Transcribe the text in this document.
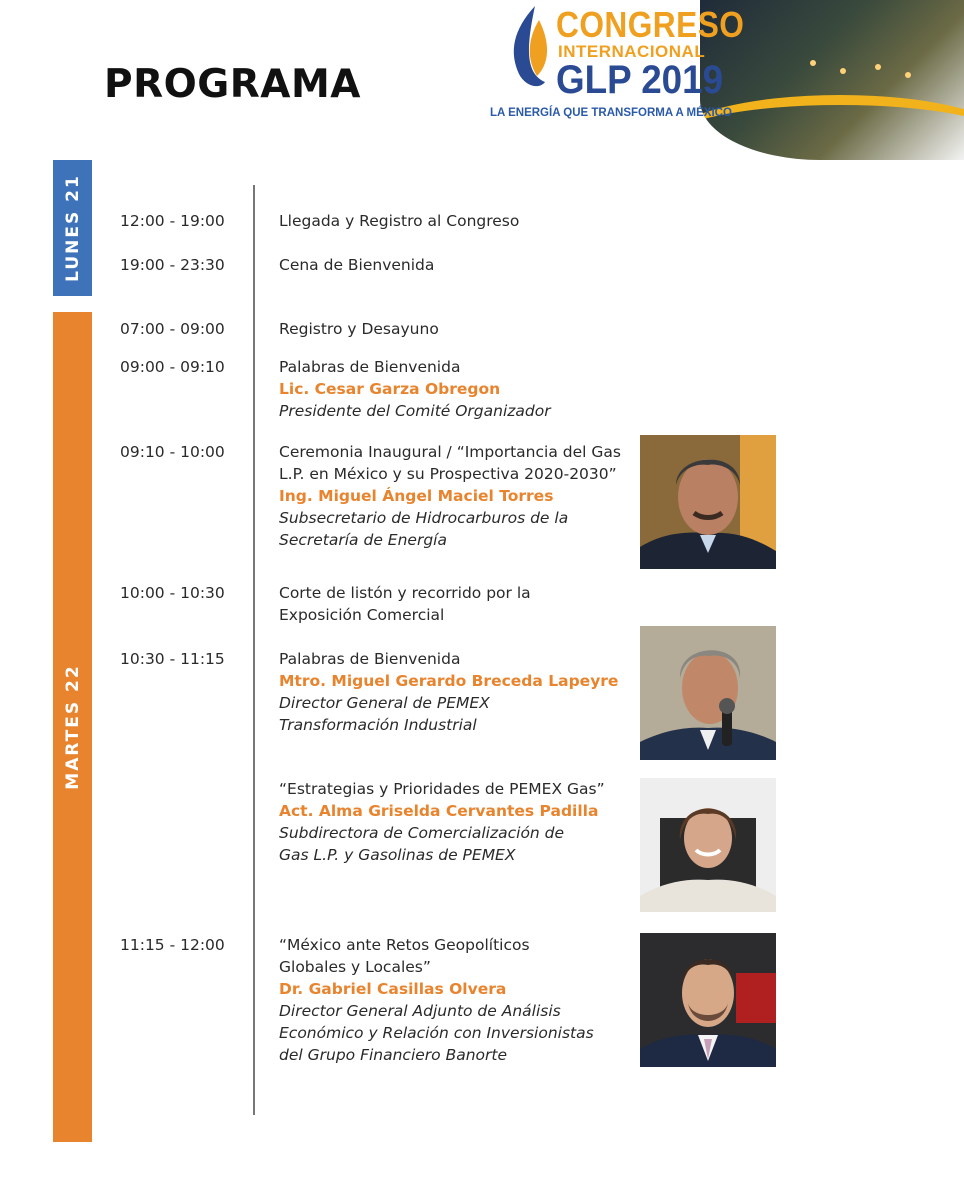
PROGRAMA
CONGRESO
INTERNACIONAL
GLP 2019
LA ENERGÍA QUE TRANSFORMA A MÉXICO
LUNES 21
MARTES 22
12:00 - 19:00	Llegada y Registro al Congreso
19:00 - 23:30	Cena de Bienvenida
07:00 - 09:00	Registro y Desayuno
09:00 - 09:10	Palabras de Bienvenida
Lic. Cesar Garza Obregon
Presidente del Comité Organizador
09:10 - 10:00	Ceremonia Inaugural / “Importancia del Gas L.P. en México y su Prospectiva 2020-2030”
Ing. Miguel Ángel Maciel Torres
Subsecretario de Hidrocarburos de la Secretaría de Energía
10:00 - 10:30	Corte de listón y recorrido por la Exposición Comercial
10:30 - 11:15	Palabras de Bienvenida
Mtro. Miguel Gerardo Breceda Lapeyre
Director General de PEMEX Transformación Industrial
“Estrategias y Prioridades de PEMEX Gas”
Act. Alma Griselda Cervantes Padilla
Subdirectora de Comercialización de Gas L.P. y Gasolinas de PEMEX
11:15 - 12:00	“México ante Retos Geopolíticos Globales y Locales”
Dr. Gabriel Casillas Olvera
Director General Adjunto de Análisis Económico y Relación con Inversionistas del Grupo Financiero Banorte
